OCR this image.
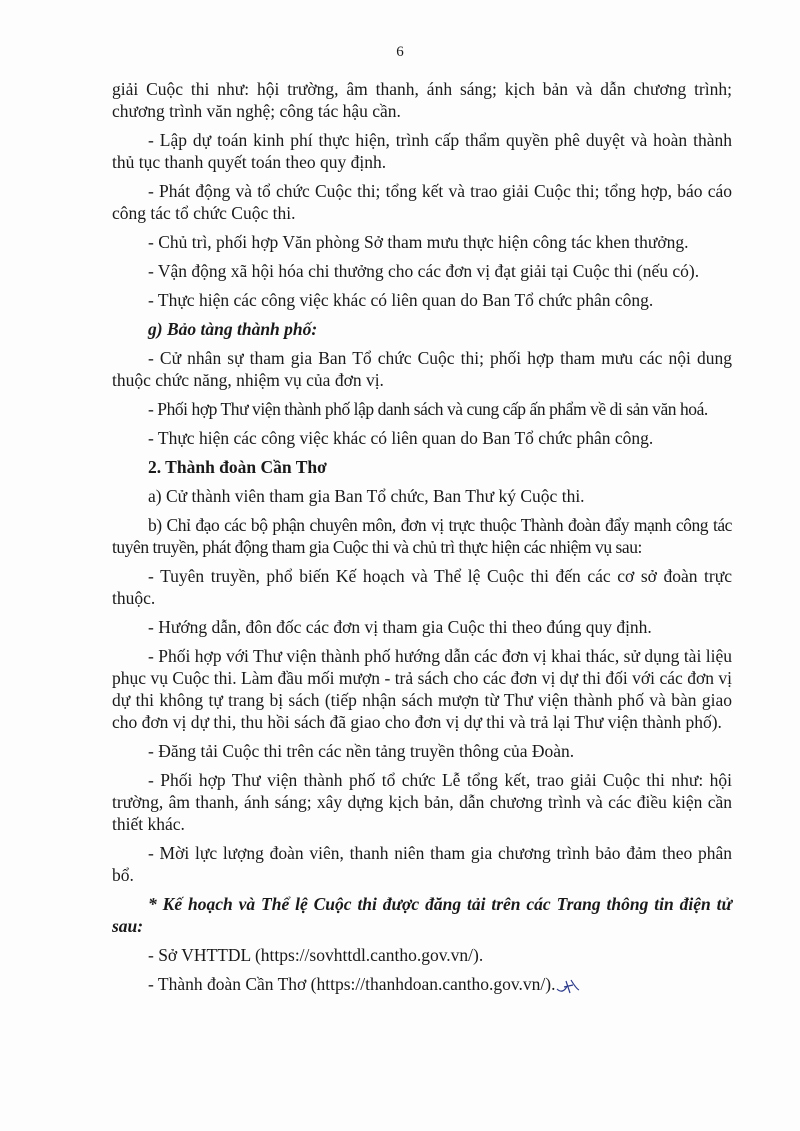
6
giải Cuộc thi như: hội trường, âm thanh, ánh sáng; kịch bản và dẫn chương trình; chương trình văn nghệ; công tác hậu cần.
- Lập dự toán kinh phí thực hiện, trình cấp thẩm quyền phê duyệt và hoàn thành thủ tục thanh quyết toán theo quy định.
- Phát động và tổ chức Cuộc thi; tổng kết và trao giải Cuộc thi; tổng hợp, báo cáo công tác tổ chức Cuộc thi.
- Chủ trì, phối hợp Văn phòng Sở tham mưu thực hiện công tác khen thưởng.
- Vận động xã hội hóa chi thưởng cho các đơn vị đạt giải tại Cuộc thi (nếu có).
- Thực hiện các công việc khác có liên quan do Ban Tổ chức phân công.
g) Bảo tàng thành phố:
- Cử nhân sự tham gia Ban Tổ chức Cuộc thi; phối hợp tham mưu các nội dung thuộc chức năng, nhiệm vụ của đơn vị.
- Phối hợp Thư viện thành phố lập danh sách và cung cấp ấn phẩm về di sản văn hoá.
- Thực hiện các công việc khác có liên quan do Ban Tổ chức phân công.
2. Thành đoàn Cần Thơ
a) Cử thành viên tham gia Ban Tổ chức, Ban Thư ký Cuộc thi.
b) Chỉ đạo các bộ phận chuyên môn, đơn vị trực thuộc Thành đoàn đẩy mạnh công tác tuyên truyền, phát động tham gia Cuộc thi và chủ trì thực hiện các nhiệm vụ sau:
- Tuyên truyền, phổ biến Kế hoạch và Thể lệ Cuộc thi đến các cơ sở đoàn trực thuộc.
- Hướng dẫn, đôn đốc các đơn vị tham gia Cuộc thi theo đúng quy định.
- Phối hợp với Thư viện thành phố hướng dẫn các đơn vị khai thác, sử dụng tài liệu phục vụ Cuộc thi. Làm đầu mối mượn - trả sách cho các đơn vị dự thi đối với các đơn vị dự thi không tự trang bị sách (tiếp nhận sách mượn từ Thư viện thành phố và bàn giao cho đơn vị dự thi, thu hồi sách đã giao cho đơn vị dự thi và trả lại Thư viện thành phố).
- Đăng tải Cuộc thi trên các nền tảng truyền thông của Đoàn.
- Phối hợp Thư viện thành phố tổ chức Lễ tổng kết, trao giải Cuộc thi như: hội trường, âm thanh, ánh sáng; xây dựng kịch bản, dẫn chương trình và các điều kiện cần thiết khác.
- Mời lực lượng đoàn viên, thanh niên tham gia chương trình bảo đảm theo phân bổ.
* Kế hoạch và Thể lệ Cuộc thi được đăng tải trên các Trang thông tin điện tử sau:
- Sở VHTTDL (https://sovhttdl.cantho.gov.vn/).
- Thành đoàn Cần Thơ (https://thanhdoan.cantho.gov.vn/).
